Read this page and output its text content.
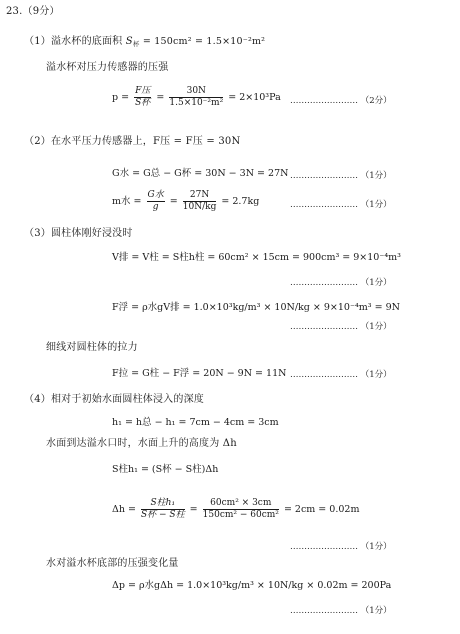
23.（9分）
（1）溢水杯的底面积 $S_杯 = 150cm^2 = 1.5\times 10^{-2}m^2$
溢水杯对压力传感器的压强
$p = \frac{\text{F压}}{\text{S杯}} = \frac{30N}{\text{1.5×10⁻²m²}} = 2\times 10^3Pa$ …………………… （2分）
（2）在水平压力传感器上，F压 = F压 = 30N
G水 = G总 − G杯 = 30N − 3N = 27N …………………… （1分）
m水 = $\frac{\text{G水}}{g} = \frac{27N}{10N/kg} = 2.7kg$	…………………… （1分）
（3）圆柱体刚好浸没时
V排 = V柱 = S柱h柱 = 60cm² × 15cm = 900cm³ = 9×10⁻⁴m³
…………………… （1分）
F浮 = ρ水gV排 = 1.0×10³kg/m³ × 10N/kg × 9×10⁻⁴m³ = 9N
…………………… （1分）
细线对圆柱体的拉力
F拉 = G柱 − F浮 = 20N − 9N = 11N …………………… （1分）
（4）相对于初始水面圆柱体浸入的深度
h₁ = h总 − h₁ = 7cm − 4cm = 3cm
水面到达溢水口时，水面上升的高度为 Δh
S柱h₁ = (S杯 − S柱)Δh
$\Delta h = \frac{\text{S柱h₁}}{\text{S杯 − S柱}} = \frac{\text{60cm² × 3cm}}{\text{150cm² − 60cm²}} = 2cm = 0.02m$
…………………… （1分）
水对溢水杯底部的压强变化量
Δp = ρ水gΔh = 1.0×10³kg/m³ × 10N/kg × 0.02m = 200Pa
…………………… （1分）
